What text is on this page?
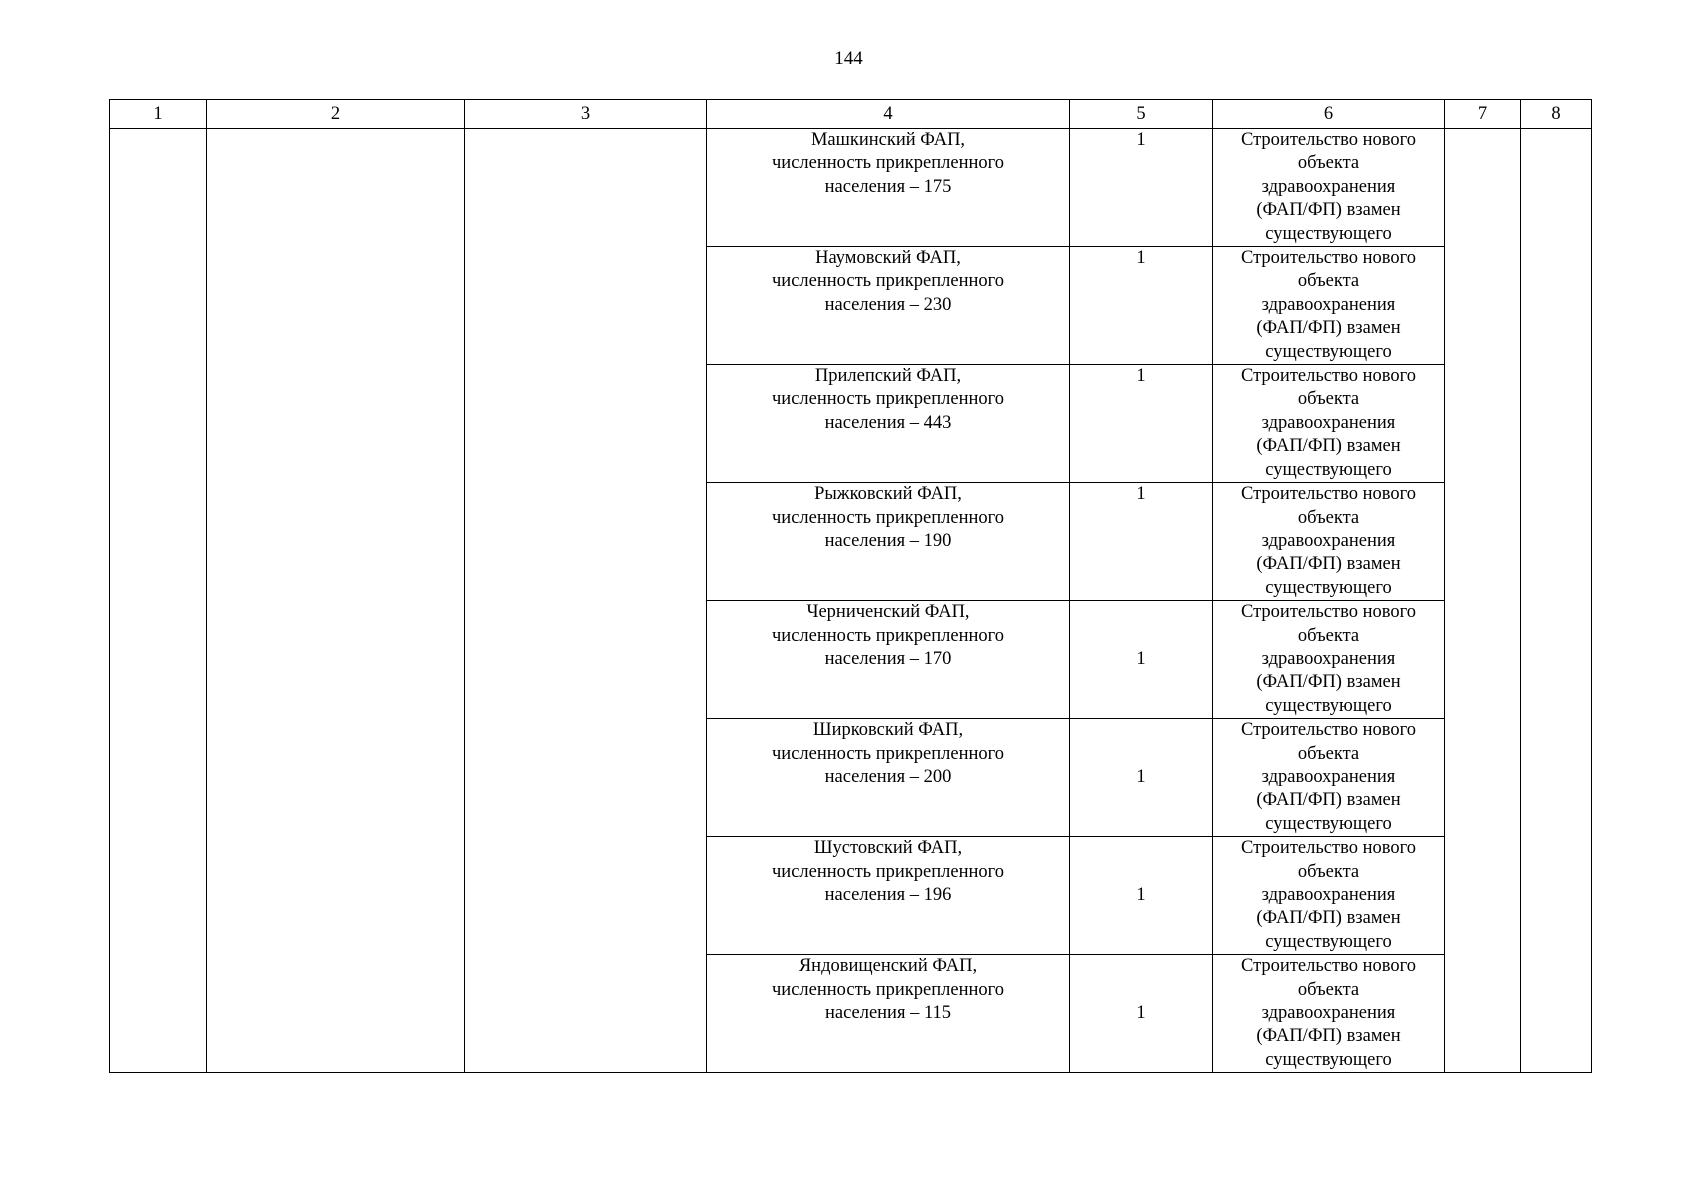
144
1	2	3	4	5	6	7	8

			Машкинский ФАП,
численность прикрепленного
населения – 175	1	Строительство нового
объекта
здравоохранения
(ФАП/ФП) взамен
существующего		

			Наумовский ФАП,
численность прикрепленного
населения – 230	1	Строительство нового
объекта
здравоохранения
(ФАП/ФП) взамен
существующего		

			Прилепский ФАП,
численность прикрепленного
населения – 443	1	Строительство нового
объекта
здравоохранения
(ФАП/ФП) взамен
существующего		

			Рыжковский ФАП,
численность прикрепленного
населения – 190	1	Строительство нового
объекта
здравоохранения
(ФАП/ФП) взамен
существующего		

			Черниченский ФАП,
численность прикрепленного
населения – 170	1	Строительство нового
объекта
здравоохранения
(ФАП/ФП) взамен
существующего		

			Ширковский ФАП,
численность прикрепленного
населения – 200	1	Строительство нового
объекта
здравоохранения
(ФАП/ФП) взамен
существующего		

			Шустовский ФАП,
численность прикрепленного
населения – 196	1	Строительство нового
объекта
здравоохранения
(ФАП/ФП) взамен
существующего		

			Яндовищенский ФАП,
численность прикрепленного
населения – 115	1	Строительство нового
объекта
здравоохранения
(ФАП/ФП) взамен
существующего		
